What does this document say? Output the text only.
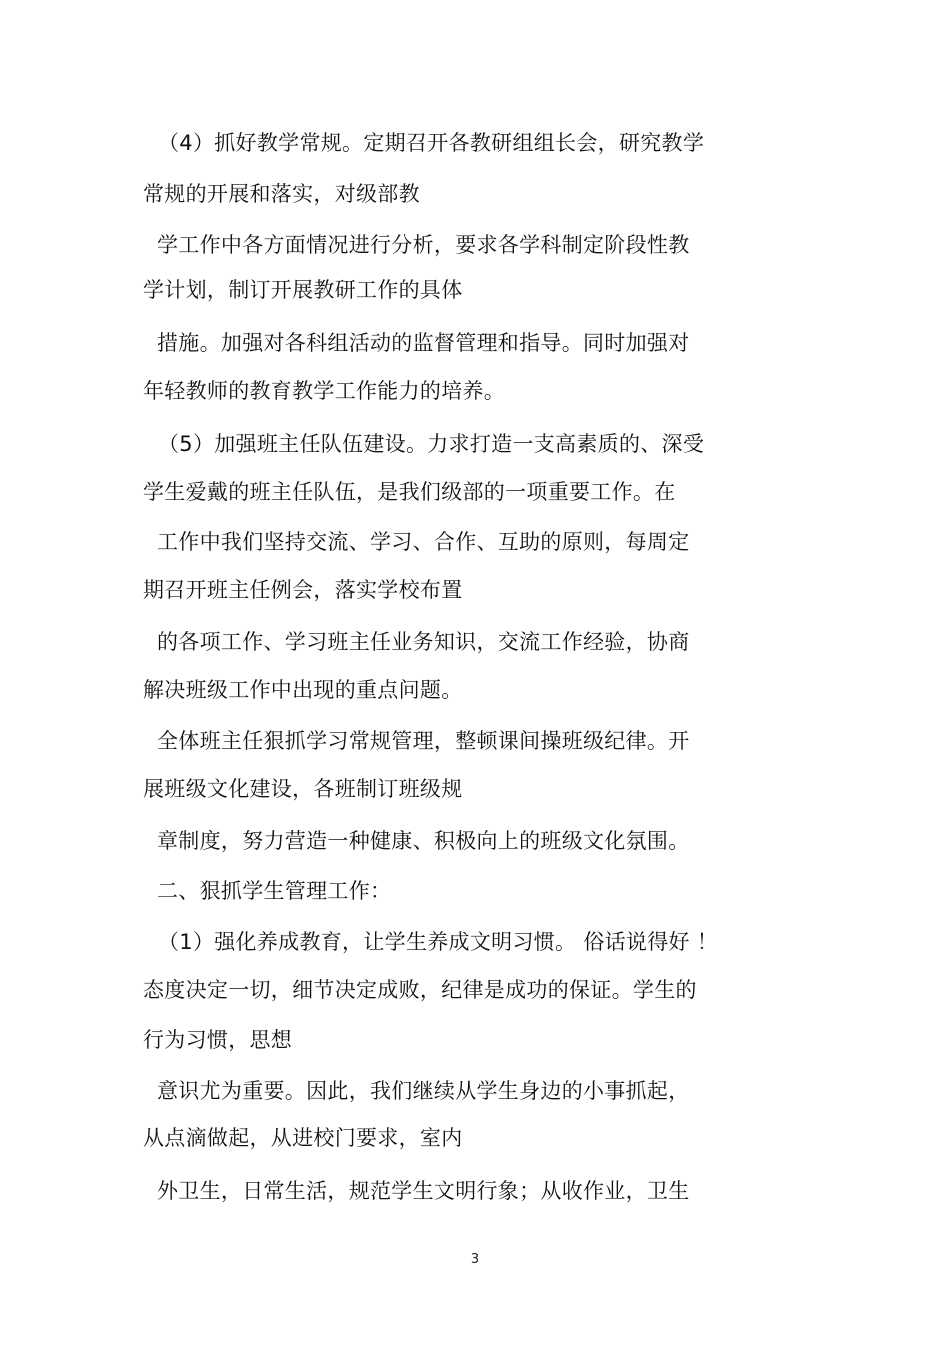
（4）抓好教学常规。定期召开各教研组组长会，研究教学
常规的开展和落实，对级部教
学工作中各方面情况进行分析，要求各学科制定阶段性教
学计划，制订开展教研工作的具体
措施。加强对各科组活动的监督管理和指导。同时加强对
年轻教师的教育教学工作能力的培养。
（5）加强班主任队伍建设。力求打造一支高素质的、深受
学生爱戴的班主任队伍，是我们级部的一项重要工作。在
工作中我们坚持交流、学习、合作、互助的原则，每周定
期召开班主任例会，落实学校布置
的各项工作、学习班主任业务知识，交流工作经验，协商
解决班级工作中出现的重点问题。
全体班主任狠抓学习常规管理，整顿课间操班级纪律。开
展班级文化建设，各班制订班级规
章制度，努力营造一种健康、积极向上的班级文化氛围。
二、狠抓学生管理工作：
（1）强化养成教育，让学生养成文明习惯。 俗话说得好 ！
态度决定一切，细节决定成败，纪律是成功的保证。学生的
行为习惯，思想
意识尤为重要。因此，我们继续从学生身边的小事抓起，
从点滴做起，从进校门要求，室内
外卫生，日常生活，规范学生文明行象；从收作业，卫生
3
